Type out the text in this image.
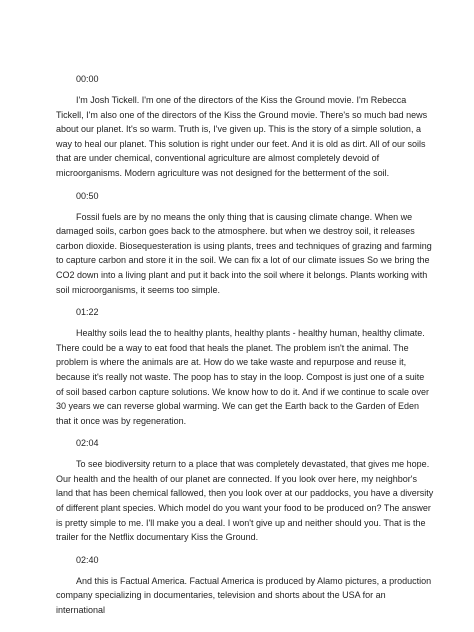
00:00

I'm Josh Tickell. I'm one of the directors of the Kiss the Ground movie. I'm Rebecca Tickell, I'm also one of the directors of the Kiss the Ground movie. There's so much bad news about our planet. It's so warm. Truth is, I've given up. This is the story of a simple solution, a way to heal our planet. This solution is right under our feet. And it is old as dirt. All of our soils that are under chemical, conventional agriculture are almost completely devoid of microorganisms. Modern agriculture was not designed for the betterment of the soil.

00:50

Fossil fuels are by no means the only thing that is causing climate change. When we damaged soils, carbon goes back to the atmosphere. but when we destroy soil, it releases carbon dioxide. Biosequesteration is using plants, trees and techniques of grazing and farming to capture carbon and store it in the soil. We can fix a lot of our climate issues So we bring the CO2 down into a living plant and put it back into the soil where it belongs. Plants working with soil microorganisms, it seems too simple.

01:22

Healthy soils lead the to healthy plants, healthy plants - healthy human, healthy climate. There could be a way to eat food that heals the planet. The problem isn't the animal. The problem is where the animals are at. How do we take waste and repurpose and reuse it, because it's really not waste. The poop has to stay in the loop. Compost is just one of a suite of soil based carbon capture solutions. We know how to do it. And if we continue to scale over 30 years we can reverse global warming. We can get the Earth back to the Garden of Eden that it once was by regeneration.

02:04

To see biodiversity return to a place that was completely devastated, that gives me hope. Our health and the health of our planet are connected. If you look over here, my neighbor's land that has been chemical fallowed, then you look over at our paddocks, you have a diversity of different plant species. Which model do you want your food to be produced on? The answer is pretty simple to me. I'll make you a deal. I won't give up and neither should you. That is the trailer for the Netflix documentary Kiss the Ground.

02:40

And this is Factual America. Factual America is produced by Alamo pictures, a production company specializing in documentaries, television and shorts about the USA for an international
